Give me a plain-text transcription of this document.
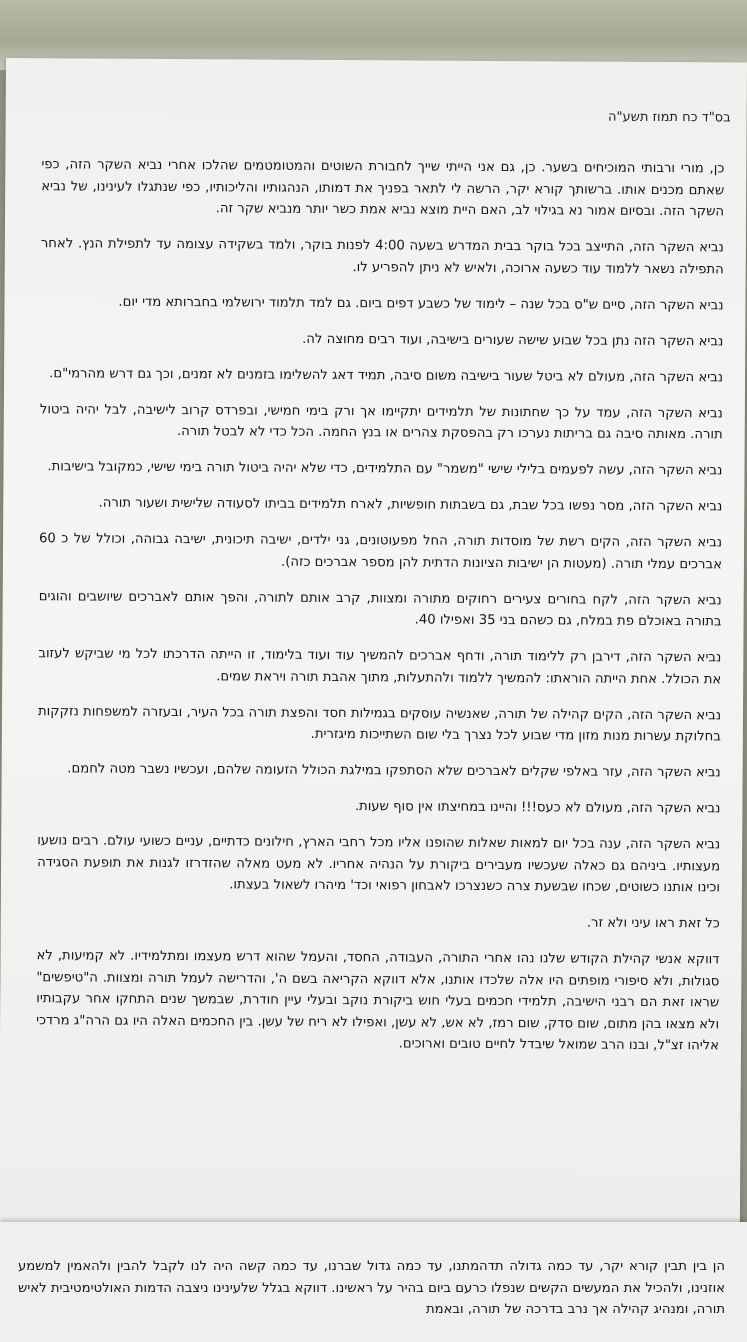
בס"ד כח תמוז תשע"ה

כן, מורי ורבותי המוכיחים בשער. כן, גם אני הייתי שייך לחבורת השוטים והמטומטמים שהלכו אחרי נביא השקר הזה, כפי שאתם מכנים אותו. ברשותך קורא יקר, הרשה לי לתאר בפניך את דמותו, הנהגותיו והליכותיו, כפי שנתגלו לעינינו, של נביא השקר הזה. ובסיום אמור נא בגילוי לב, האם היית מוצא נביא אמת כשר יותר מנביא שקר זה.

נביא השקר הזה, התייצב בכל בוקר בבית המדרש בשעה 4:00 לפנות בוקר, ולמד בשקידה עצומה עד לתפילת הנץ. לאחר התפילה נשאר ללמוד עוד כשעה ארוכה, ולאיש לא ניתן להפריע לו.

נביא השקר הזה, סיים ש"ס בכל שנה – לימוד של כשבע דפים ביום. גם למד תלמוד ירושלמי בחברותא מדי יום.

נביא השקר הזה נתן בכל שבוע שישה שעורים בישיבה, ועוד רבים מחוצה לה.

נביא השקר הזה, מעולם לא ביטל שעור בישיבה משום סיבה, תמיד דאג להשלימו בזמנים לא זמנים, וכך גם דרש מהרמי"ם.

נביא השקר הזה, עמד על כך שחתונות של תלמידים יתקיימו אך ורק בימי חמישי, ובפרדס קרוב לישיבה, לבל יהיה ביטול תורה. מאותה סיבה גם בריתות נערכו רק בהפסקת צהרים או בנץ החמה. הכל כדי לא לבטל תורה.

נביא השקר הזה, עשה לפעמים בלילי שישי "משמר" עם התלמידים, כדי שלא יהיה ביטול תורה בימי שישי, כמקובל בישיבות.

נביא השקר הזה, מסר נפשו בכל שבת, גם בשבתות חופשיות, לארח תלמידים בביתו לסעודה שלישית ושעור תורה.

נביא השקר הזה, הקים רשת של מוסדות תורה, החל מפעוטונים, גני ילדים, ישיבה תיכונית, ישיבה גבוהה, וכולל של כ 60 אברכים עמלי תורה. (מעטות הן ישיבות הציונות הדתית להן מספר אברכים כזה).

נביא השקר הזה, לקח בחורים צעירים רחוקים מתורה ומצוות, קרב אותם לתורה, והפך אותם לאברכים שיושבים והוגים בתורה באוכלם פת במלח, גם כשהם בני 35 ואפילו 40.

נביא השקר הזה, דירבן רק ללימוד תורה, ודחף אברכים להמשיך עוד ועוד בלימוד, זו הייתה הדרכתו לכל מי שביקש לעזוב את הכולל. אחת הייתה הוראתו: להמשיך ללמוד ולהתעלות, מתוך אהבת תורה ויראת שמים.

נביא השקר הזה, הקים קהילה של תורה, שאנשיה עוסקים בגמילות חסד והפצת תורה בכל העיר, ובעזרה למשפחות נזקקות בחלוקת עשרות מנות מזון מדי שבוע לכל נצרך בלי שום השתייכות מיגזרית.

נביא השקר הזה, עזר באלפי שקלים לאברכים שלא הסתפקו במילגת הכולל הזעומה שלהם, ועכשיו נשבר מטה לחמם.

נביא השקר הזה, מעולם לא כעס!!! והיינו במחיצתו אין סוף שעות.

נביא השקר הזה, ענה בכל יום למאות שאלות שהופנו אליו מכל רחבי הארץ, חילונים כדתיים, עניים כשועי עולם. רבים נושעו מעצותיו. ביניהם גם כאלה שעכשיו מעבירים ביקורת על הנהיה אחריו. לא מעט מאלה שהזדרזו לגנות את תופעת הסגידה וכינו אותנו כשוטים, שכחו שבשעת צרה כשנצרכו לאבחון רפואי וכד' מיהרו לשאול בעצתו.

כל זאת ראו עיני ולא זר.

דווקא אנשי קהילת הקודש שלנו נהו אחרי התורה, העבודה, החסד, והעמל שהוא דרש מעצמו ומתלמידיו. לא קמיעות, לא סגולות, ולא סיפורי מופתים היו אלה שלכדו אותנו, אלא דווקא הקריאה בשם ה', והדרישה לעמל תורה ומצוות. ה"טיפשים" שראו זאת הם רבני הישיבה, תלמידי חכמים בעלי חוש ביקורת נוקב ובעלי עיין חודרת, שבמשך שנים התחקו אחר עקבותיו ולא מצאו בהן מתום, שום סדק, שום רמז, לא אש, לא עשן, ואפילו לא ריח של עשן. בין החכמים האלה היו גם הרה"ג מרדכי אליהו זצ"ל, ובנו הרב שמואל שיבדל לחיים טובים וארוכים.

הן בין תבין קורא יקר, עד כמה גדולה תדהמתנו, עד כמה גדול שברנו, עד כמה קשה היה לנו לקבל להבין ולהאמין למשמע אוזנינו, ולהכיל את המעשים הקשים שנפלו כרעם ביום בהיר על ראשינו. דווקא בגלל שלעינינו ניצבה הדמות האולטימטיבית לאיש תורה, ומנהיג קהילה אך נרב בדרכה של תורה, ובאמת
